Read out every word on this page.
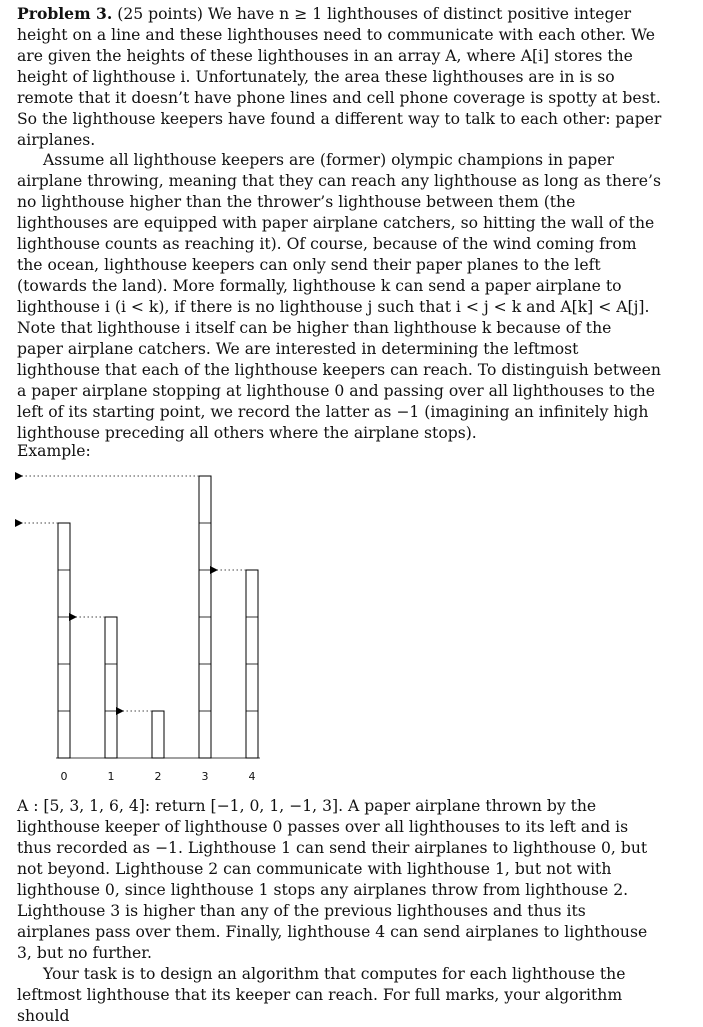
Problem 3. (25 points) We have n ≥ 1 lighthouses of distinct positive integer height on a line and these lighthouses need to communicate with each other. We are given the heights of these lighthouses in an array A, where A[i] stores the height of lighthouse i. Unfortunately, the area these lighthouses are in is so remote that it doesn’t have phone lines and cell phone coverage is spotty at best. So the lighthouse keepers have found a different way to talk to each other: paper airplanes.
Assume all lighthouse keepers are (former) olympic champions in paper airplane throwing, meaning that they can reach any lighthouse as long as there’s no lighthouse higher than the thrower’s lighthouse between them (the lighthouses are equipped with paper airplane catchers, so hitting the wall of the lighthouse counts as reaching it). Of course, because of the wind coming from the ocean, lighthouse keepers can only send their paper planes to the left (towards the land). More formally, lighthouse k can send a paper airplane to lighthouse i (i < k), if there is no lighthouse j such that i < j < k and A[k] < A[j]. Note that lighthouse i itself can be higher than lighthouse k because of the paper airplane catchers. We are interested in determining the leftmost lighthouse that each of the lighthouse keepers can reach. To distinguish between a paper airplane stopping at lighthouse 0 and passing over all lighthouses to the left of its starting point, we record the latter as −1 (imagining an infinitely high lighthouse preceding all others where the airplane stops).
Example:
0	1	2	3	4
A : [5, 3, 1, 6, 4]: return [−1, 0, 1, −1, 3]. A paper airplane thrown by the lighthouse keeper of lighthouse 0 passes over all lighthouses to its left and is thus recorded as −1. Lighthouse 1 can send their airplanes to lighthouse 0, but not beyond. Lighthouse 2 can communicate with lighthouse 1, but not with lighthouse 0, since lighthouse 1 stops any airplanes throw from lighthouse 2. Lighthouse 3 is higher than any of the previous lighthouses and thus its airplanes pass over them. Finally, lighthouse 4 can send airplanes to lighthouse 3, but no further.
Your task is to design an algorithm that computes for each lighthouse the leftmost lighthouse that its keeper can reach. For full marks, your algorithm should
